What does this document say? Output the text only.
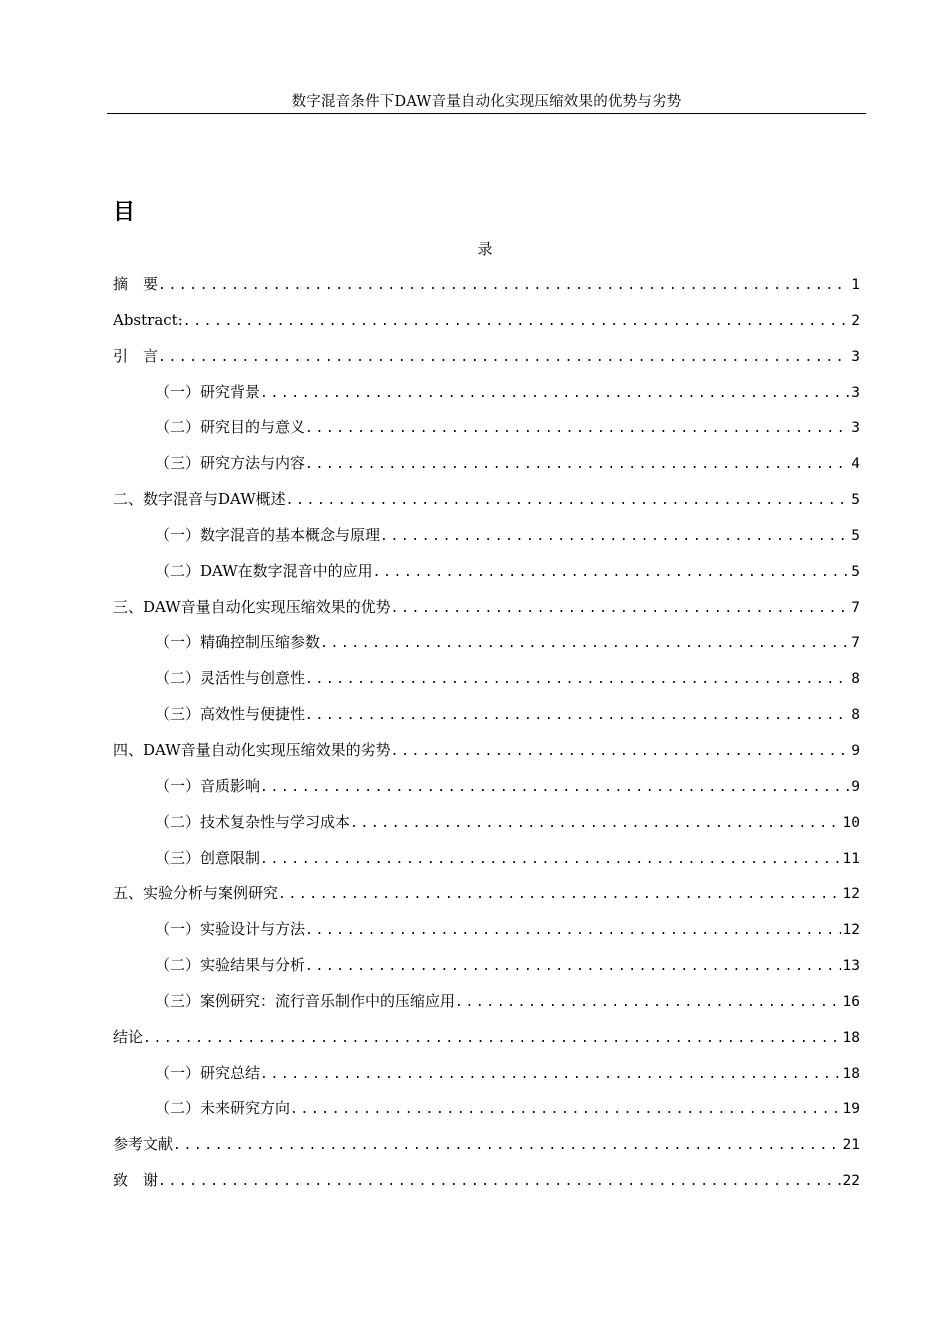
数字混音条件下DAW音量自动化实现压缩效果的优势与劣势
目
录
摘　要 .....	1
Abstract: .....	2
引　言 .....	3
（一）研究背景 .....	3
（二）研究目的与意义 .....	3
（三）研究方法与内容 .....	4
二、数字混音与DAW概述 .....	5
（一）数字混音的基本概念与原理 .....	5
（二）DAW在数字混音中的应用 .....	5
三、DAW音量自动化实现压缩效果的优势 .....	7
（一）精确控制压缩参数 .....	7
（二）灵活性与创意性 .....	8
（三）高效性与便捷性 .....	8
四、DAW音量自动化实现压缩效果的劣势 .....	9
（一）音质影响 .....	9
（二）技术复杂性与学习成本 .....	10
（三）创意限制 .....	11
五、实验分析与案例研究 .....	12
（一）实验设计与方法 .....	12
（二）实验结果与分析 .....	13
（三）案例研究：流行音乐制作中的压缩应用 .....	16
结论 .....	18
（一）研究总结 .....	18
（二）未来研究方向 .....	19
参考文献 .....	21
致　谢 .....	22
